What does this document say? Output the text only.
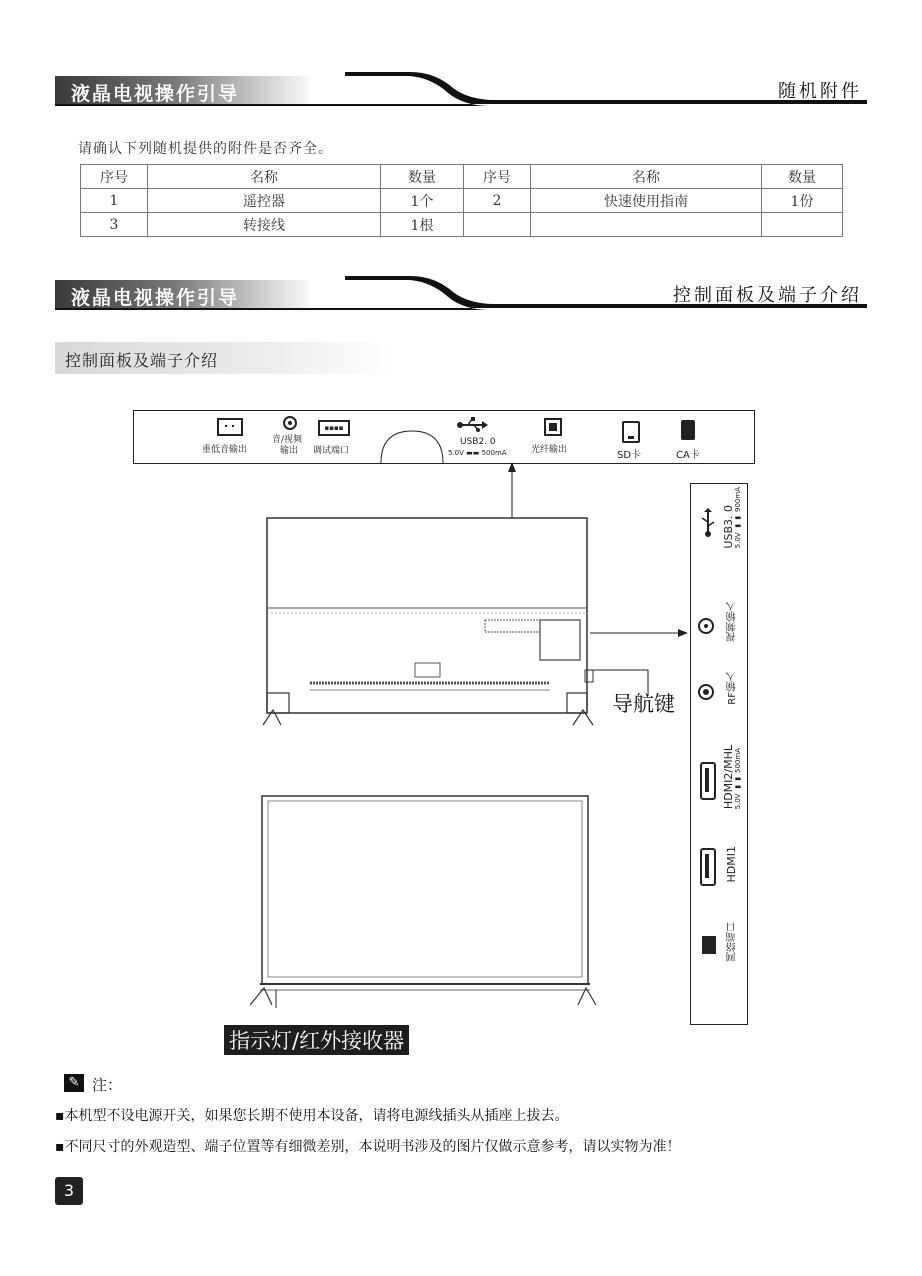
液晶电视操作引导	随机附件
请确认下列随机提供的附件是否齐全。
序号	名称	数量	序号	名称	数量
1	遥控器	1个	2	快速使用指南	1份
3	转接线	1根			
液晶电视操作引导	控制面板及端子介绍
控制面板及端子介绍
重低音输出
音/视频
输出
▪▪▪▪
调试端口
USB2. 0
5.0V ▬▬ 500mA	光纤输出	SD卡	CA卡
导航键
USB3. 0 5.0V ▬▬ 900mA
视频输入
RF输入
HDMI2/MHL 5.0V ▬▬ 500mA
HDMI1
网络端口
指示灯/红外接收器
✎ 注：
▪本机型不设电源开关，如果您长期不使用本设备，请将电源线插头从插座上拔去。
▪不同尺寸的外观造型、端子位置等有细微差别，本说明书涉及的图片仅做示意参考，请以实物为准！
3
